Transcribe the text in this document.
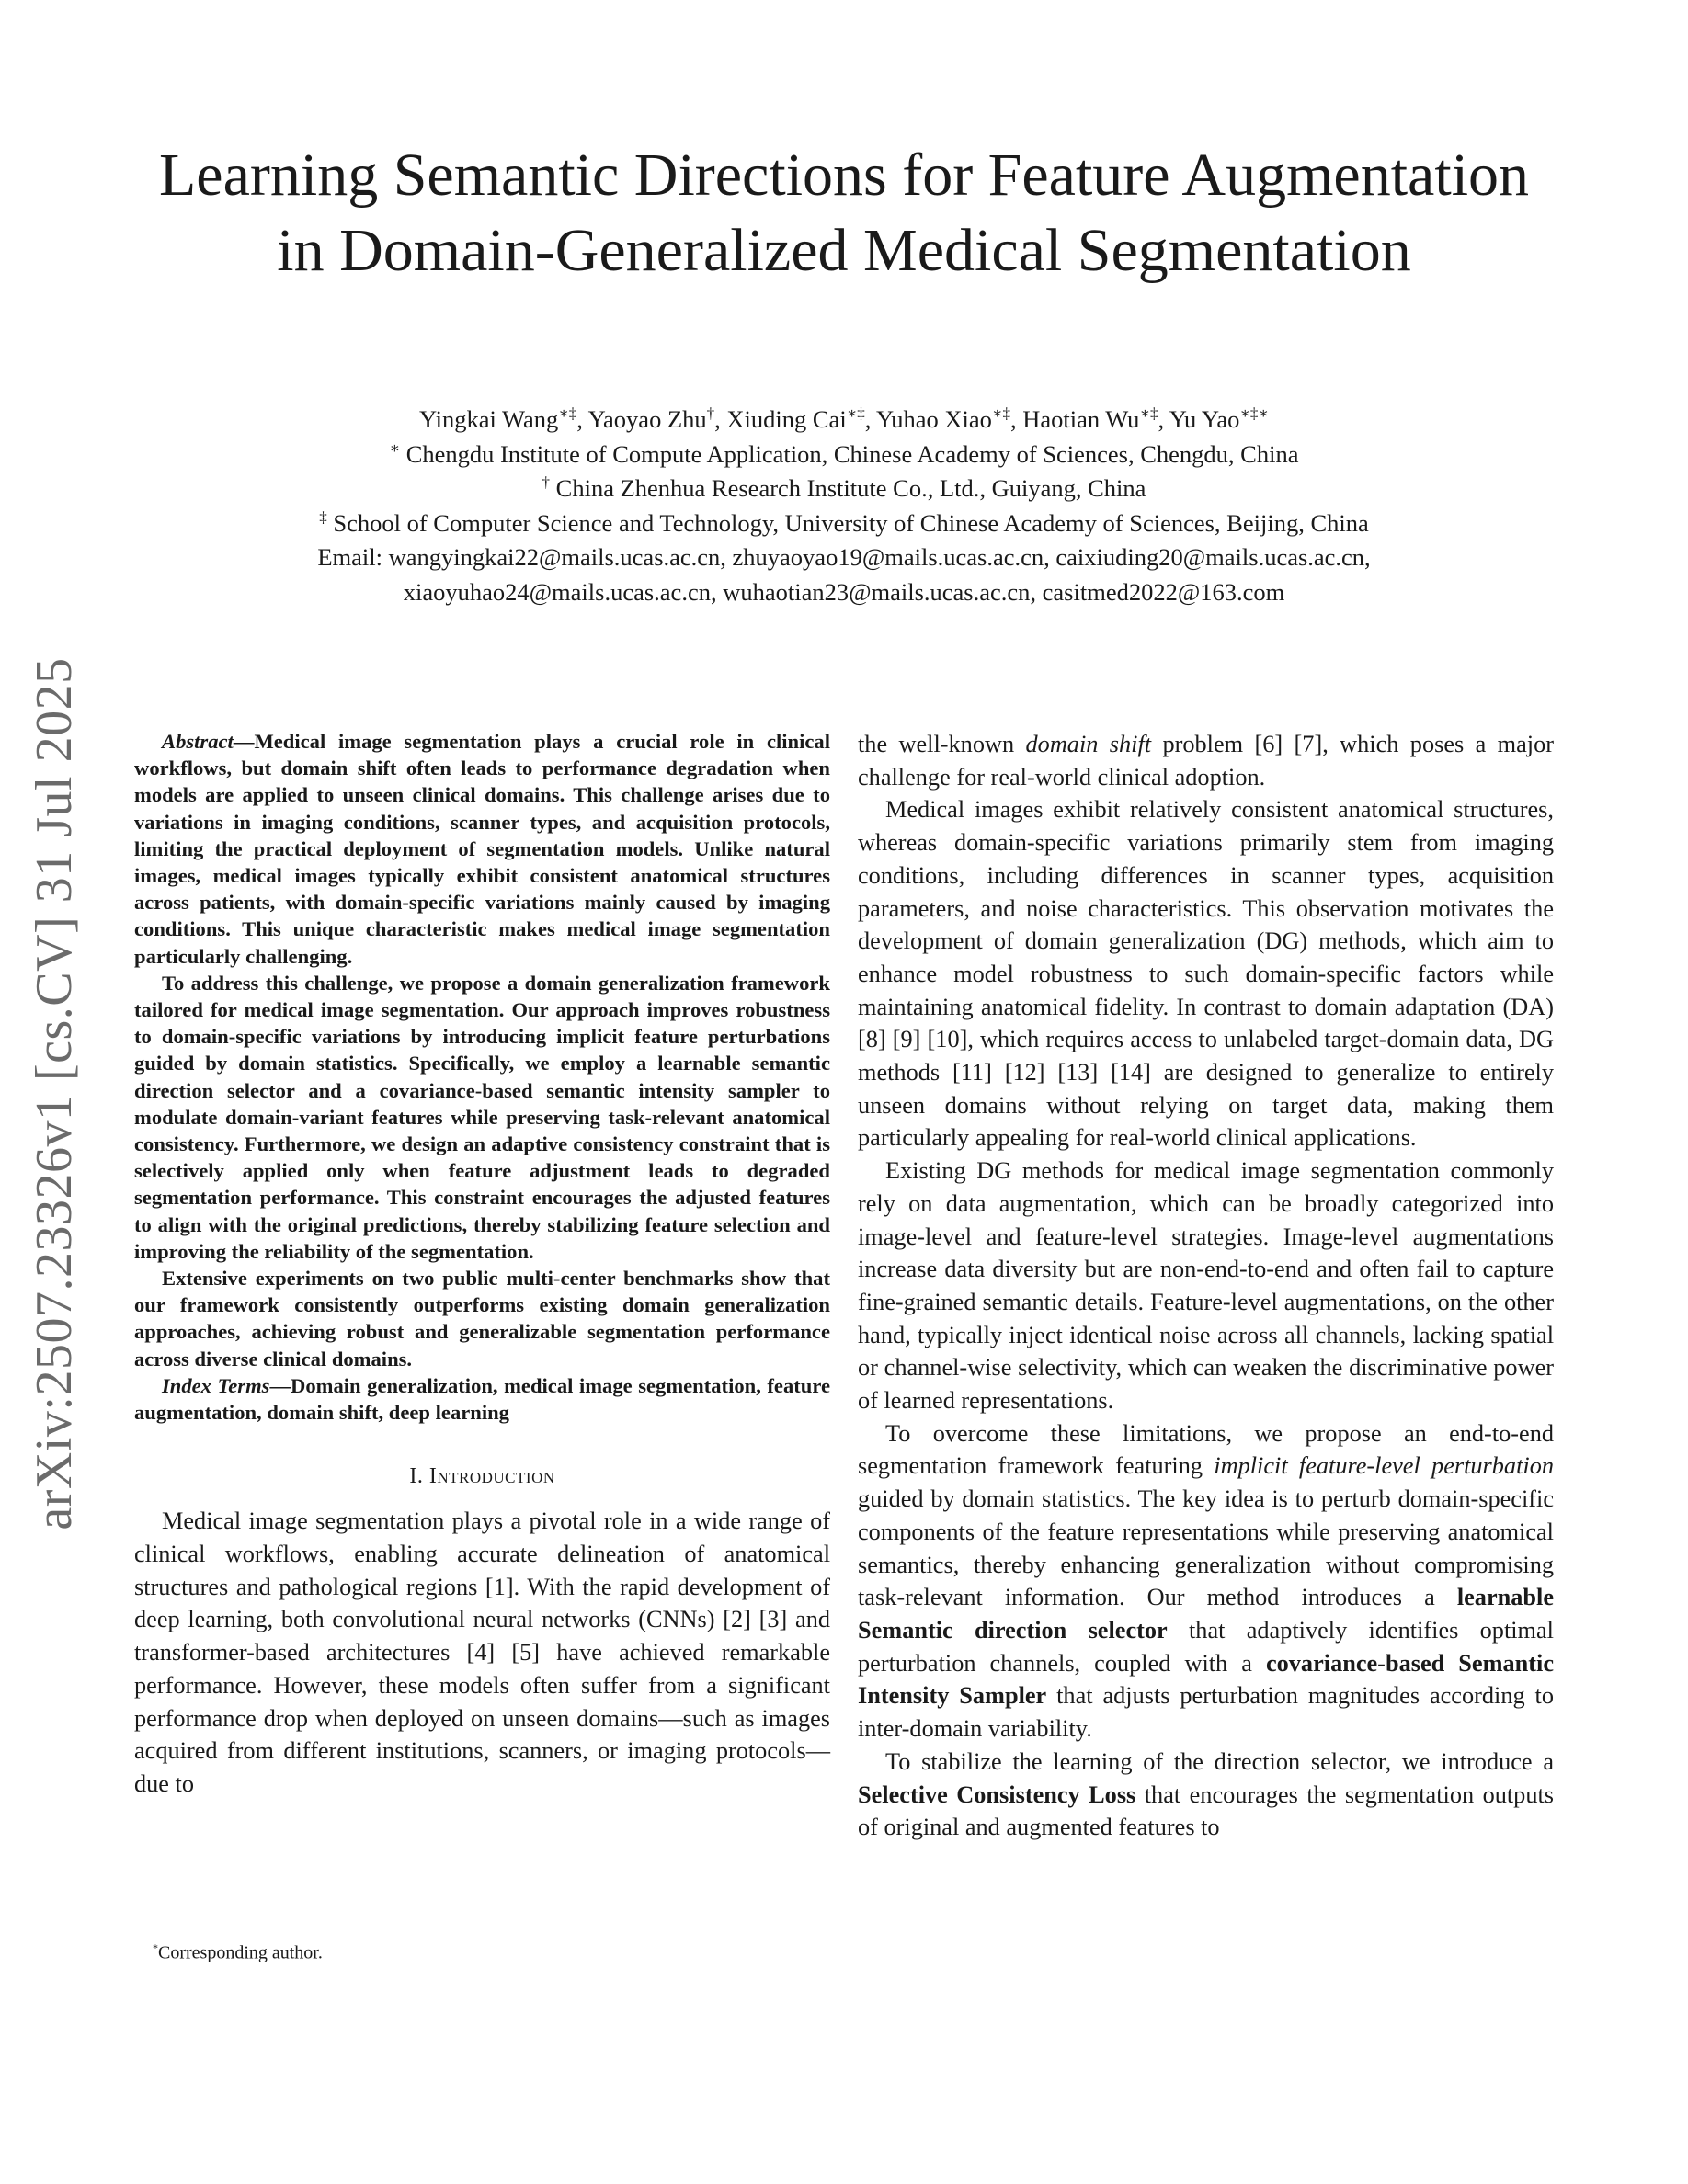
arXiv:2507.23326v1 [cs.CV] 31 Jul 2025
Learning Semantic Directions for Feature Augmentation in Domain-Generalized Medical Segmentation
Yingkai Wang∗‡, Yaoyao Zhu†, Xiuding Cai∗‡, Yuhao Xiao∗‡, Haotian Wu∗‡, Yu Yao∗‡∗
∗ Chengdu Institute of Compute Application, Chinese Academy of Sciences, Chengdu, China
† China Zhenhua Research Institute Co., Ltd., Guiyang, China
‡ School of Computer Science and Technology, University of Chinese Academy of Sciences, Beijing, China
Email: wangyingkai22@mails.ucas.ac.cn, zhuyaoyao19@mails.ucas.ac.cn, caixiuding20@mails.ucas.ac.cn,
xiaoyuhao24@mails.ucas.ac.cn, wuhaotian23@mails.ucas.ac.cn, casitmed2022@163.com

Abstract—Medical image segmentation plays a crucial role in clinical workflows, but domain shift often leads to performance degradation when models are applied to unseen clinical domains. This challenge arises due to variations in imaging conditions, scanner types, and acquisition protocols, limiting the practical deployment of segmentation models. Unlike natural images, medical images typically exhibit consistent anatomical structures across patients, with domain-specific variations mainly caused by imaging conditions. This unique characteristic makes medical image segmentation particularly challenging.

To address this challenge, we propose a domain generalization framework tailored for medical image segmentation. Our approach improves robustness to domain-specific variations by introducing implicit feature perturbations guided by domain statistics. Specifically, we employ a learnable semantic direction selector and a covariance-based semantic intensity sampler to modulate domain-variant features while preserving task-relevant anatomical consistency. Furthermore, we design an adaptive consistency constraint that is selectively applied only when feature adjustment leads to degraded segmentation performance. This constraint encourages the adjusted features to align with the original predictions, thereby stabilizing feature selection and improving the reliability of the segmentation.

Extensive experiments on two public multi-center benchmarks show that our framework consistently outperforms existing domain generalization approaches, achieving robust and generalizable segmentation performance across diverse clinical domains.

Index Terms—Domain generalization, medical image segmentation, feature augmentation, domain shift, deep learning

I. Introduction

Medical image segmentation plays a pivotal role in a wide range of clinical workflows, enabling accurate delineation of anatomical structures and pathological regions [1]. With the rapid development of deep learning, both convolutional neural networks (CNNs) [2] [3] and transformer-based architectures [4] [5] have achieved remarkable performance. However, these models often suffer from a significant performance drop when deployed on unseen domains—such as images acquired from different institutions, scanners, or imaging protocols—due to

*Corresponding author.

the well-known domain shift problem [6] [7], which poses a major challenge for real-world clinical adoption.

Medical images exhibit relatively consistent anatomical structures, whereas domain-specific variations primarily stem from imaging conditions, including differences in scanner types, acquisition parameters, and noise characteristics. This observation motivates the development of domain generalization (DG) methods, which aim to enhance model robustness to such domain-specific factors while maintaining anatomical fidelity. In contrast to domain adaptation (DA) [8] [9] [10], which requires access to unlabeled target-domain data, DG methods [11] [12] [13] [14] are designed to generalize to entirely unseen domains without relying on target data, making them particularly appealing for real-world clinical applications.

Existing DG methods for medical image segmentation commonly rely on data augmentation, which can be broadly categorized into image-level and feature-level strategies. Image-level augmentations increase data diversity but are non-end-to-end and often fail to capture fine-grained semantic details. Feature-level augmentations, on the other hand, typically inject identical noise across all channels, lacking spatial or channel-wise selectivity, which can weaken the discriminative power of learned representations.

To overcome these limitations, we propose an end-to-end segmentation framework featuring implicit feature-level perturbation guided by domain statistics. The key idea is to perturb domain-specific components of the feature representations while preserving anatomical semantics, thereby enhancing generalization without compromising task-relevant information. Our method introduces a learnable Semantic direction selector that adaptively identifies optimal perturbation channels, coupled with a covariance-based Semantic Intensity Sampler that adjusts perturbation magnitudes according to inter-domain variability.

To stabilize the learning of the direction selector, we introduce a Selective Consistency Loss that encourages the segmentation outputs of original and augmented features to
